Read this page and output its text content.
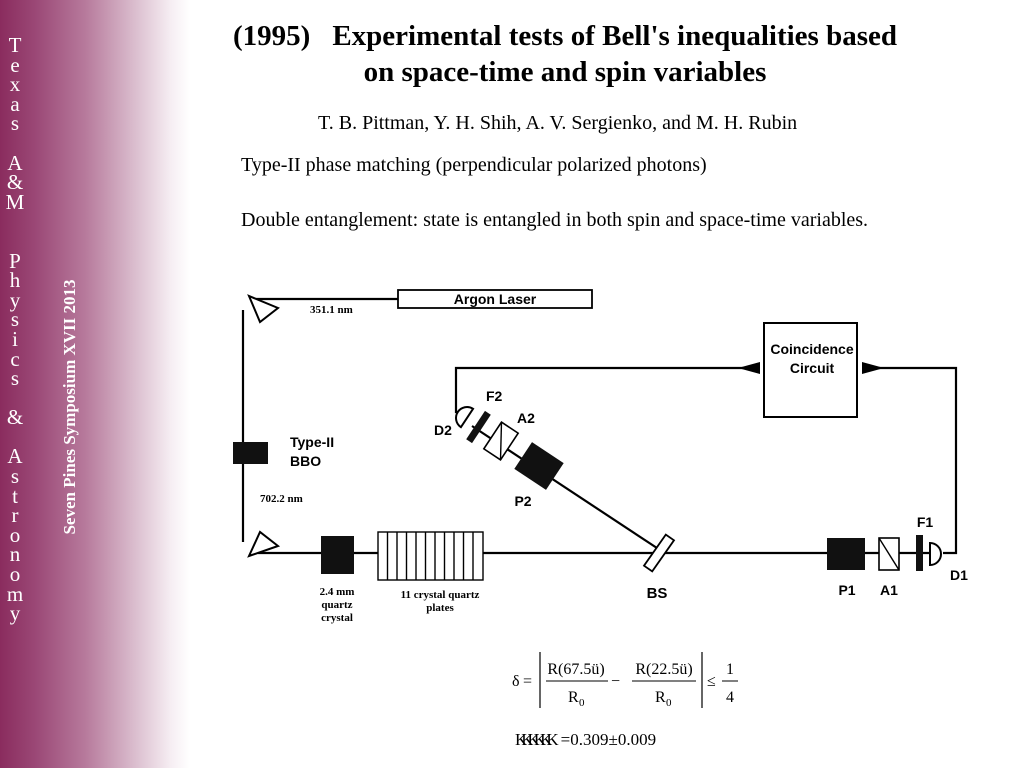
T
e
x
a
s
A
&
M
P
h
y
s
i
c
s
&
A
s
t
r
o
n
o
m
y
Seven Pines Symposium XVII 2013
(1995) Experimental tests of Bell's inequalities based
on space-time and spin variables
T. B. Pittman, Y. H. Shih, A. V. Sergienko, and M. H. Rubin
Type-II phase matching (perpendicular polarized photons)
Double entanglement: state is entangled in both spin and space-time variables.
Argon Laser
351.1 nm
Coincidence
Circuit
Type-II
BBO
702.2 nm
2.4 mm
quartz
crystal
11 crystal quartz
plates
BS	P1 A1
F1
D1
P2
A2
F2
D2
δ =
R(67.5ü)
R 0
−
R(22.5ü)
R 0
≤
1
4
KKKKKK =0.309±0.009
